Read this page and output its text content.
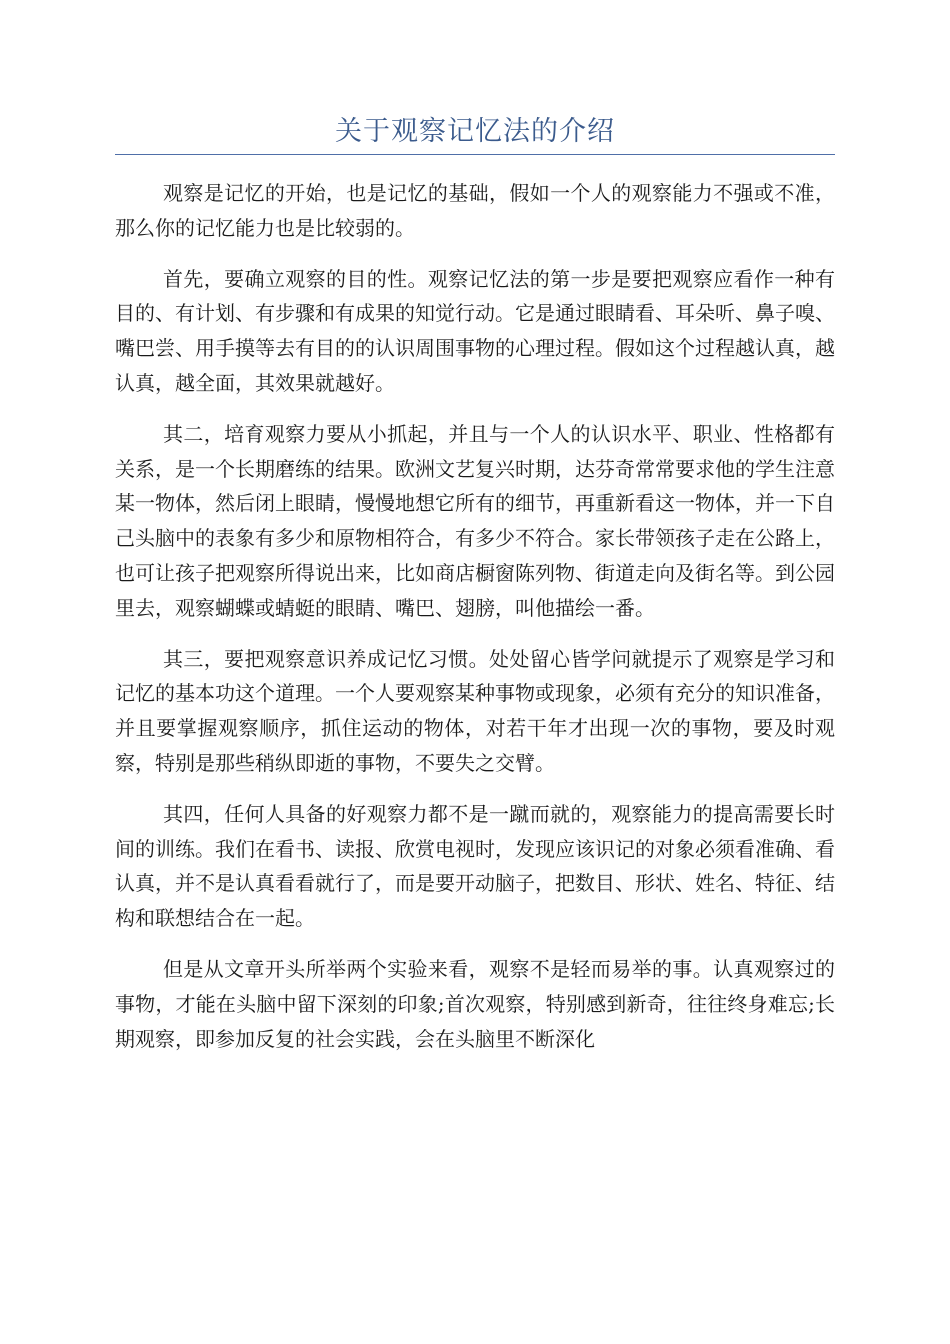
关于观察记忆法的介绍

观察是记忆的开始，也是记忆的基础，假如一个人的观察能力不强或不准，那么你的记忆能力也是比较弱的。

首先，要确立观察的目的性。观察记忆法的第一步是要把观察应看作一种有目的、有计划、有步骤和有成果的知觉行动。它是通过眼睛看、耳朵听、鼻子嗅、嘴巴尝、用手摸等去有目的的认识周围事物的心理过程。假如这个过程越认真，越认真，越全面，其效果就越好。

其二，培育观察力要从小抓起，并且与一个人的认识水平、职业、性格都有关系，是一个长期磨练的结果。欧洲文艺复兴时期，达芬奇常常要求他的学生注意某一物体，然后闭上眼睛，慢慢地想它所有的细节，再重新看这一物体，并一下自己头脑中的表象有多少和原物相符合，有多少不符合。家长带领孩子走在公路上，也可让孩子把观察所得说出来，比如商店橱窗陈列物、街道走向及街名等。到公园里去，观察蝴蝶或蜻蜓的眼睛、嘴巴、翅膀，叫他描绘一番。

其三，要把观察意识养成记忆习惯。处处留心皆学问就提示了观察是学习和记忆的基本功这个道理。一个人要观察某种事物或现象，必须有充分的知识准备，并且要掌握观察顺序，抓住运动的物体，对若干年才出现一次的事物，要及时观察，特别是那些稍纵即逝的事物，不要失之交臂。

其四，任何人具备的好观察力都不是一蹴而就的，观察能力的提高需要长时间的训练。我们在看书、读报、欣赏电视时，发现应该识记的对象必须看准确、看认真，并不是认真看看就行了，而是要开动脑子，把数目、形状、姓名、特征、结构和联想结合在一起。

但是从文章开头所举两个实验来看，观察不是轻而易举的事。认真观察过的事物，才能在头脑中留下深刻的印象;首次观察，特别感到新奇，往往终身难忘;长期观察，即参加反复的社会实践，会在头脑里不断深化
